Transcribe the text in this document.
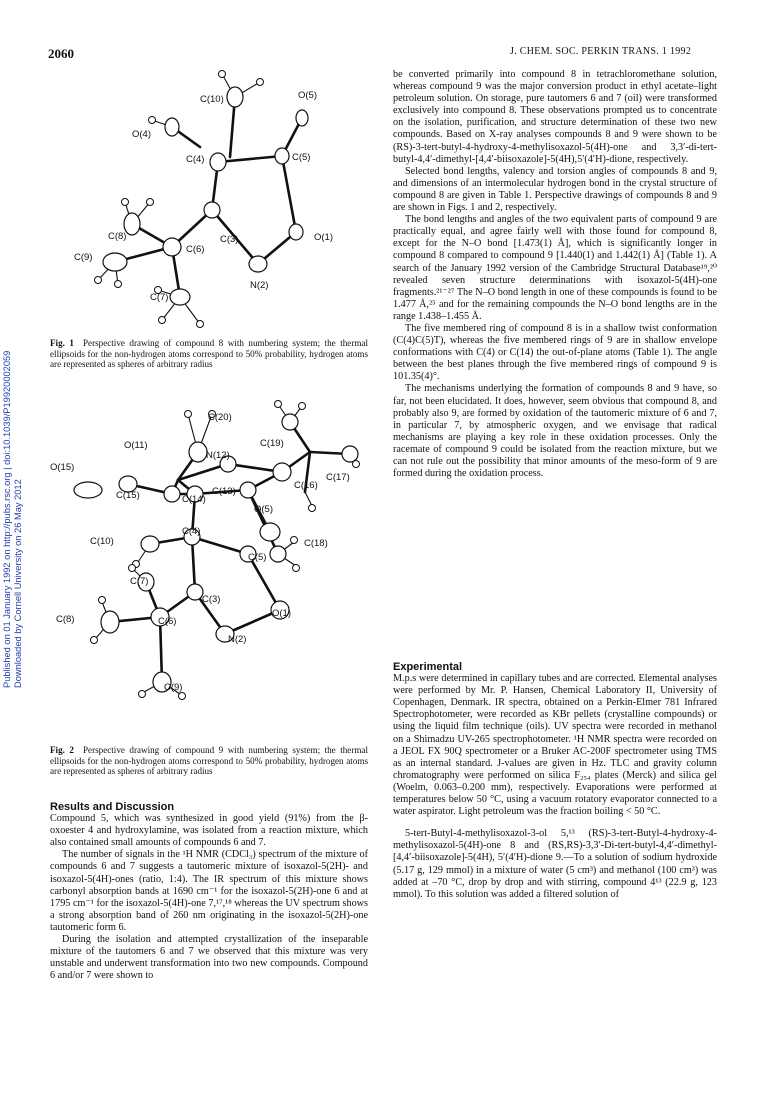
2060	J. CHEM. SOC. PERKIN TRANS. 1 1992
Published on 01 January 1992 on http://pubs.rsc.org | doi:10.1039/P19920002059 Downloaded by Cornell University on 26 May 2012
C(10)	O(5)
O(4)
C(4)	C(5)
C(8)	C(3)	O(1)
C(9)
C(6)
N(2)
C(7)
Fig. 1 Perspective drawing of compound 8 with numbering system; the thermal ellipsoids for the non-hydrogen atoms correspond to 50% probability, hydrogen atoms are represented as spheres of arbitrary radius
C(20)
C(19)
O(11)
N(12)
O(15)
C(17)
C(16)
C(13)
C(15)	C(14)
O(5)
C(18)
C(4)
C(10)
C(5)
C(7)
C(3)
O(1)
C(8)	C(6)
N(2)
C(9)
Fig. 2 Perspective drawing of compound 9 with numbering system; the thermal ellipsoids for the non-hydrogen atoms correspond to 50% probability, hydrogen atoms are represented as spheres of arbitrary radius
Results and Discussion

Compound 5, which was synthesized in good yield (91%) from the β-oxoester 4 and hydroxylamine, was isolated from a reaction mixture, which also contained small amounts of compounds 6 and 7.

The number of signals in the ¹H NMR (CDCl₃) spectrum of the mixture of compounds 6 and 7 suggests a tautomeric mixture of isoxazol-5(2H)- and isoxazol-5(4H)-ones (ratio, 1:4). The IR spectrum of this mixture shows carbonyl absorption bands at 1690 cm⁻¹ for the isoxazol-5(2H)-one 6 and at 1795 cm⁻¹ for the isoxazol-5(4H)-one 7,¹⁷,¹⁸ whereas the UV spectrum shows a strong absorption band of 260 nm originating in the isoxazol-5(2H)-one tautomeric form 6.

During the isolation and attempted crystallization of the inseparable mixture of the tautomers 6 and 7 we observed that this mixture was very unstable and underwent transformation into two new compounds. Compound 6 and/or 7 were shown to

be converted primarily into compound 8 in tetrachloromethane solution, whereas compound 9 was the major conversion product in ethyl acetate–light petroleum solution. On storage, pure tautomers 6 and 7 (oil) were transformed exclusively into compound 8. These observations prompted us to concentrate on the isolation, purification, and structure determination of these two new compounds. Based on X-ray analyses compounds 8 and 9 were shown to be (RS)-3-tert-butyl-4-hydroxy-4-methylisoxazol-5(4H)-one and 3,3′-di-tert-butyl-4,4′-dimethyl-[4,4′-biisoxazole]-5(4H),5′(4′H)-dione, respectively.

Selected bond lengths, valency and torsion angles of compounds 8 and 9, and dimensions of an intermolecular hydrogen bond in the crystal structure of compound 8 are given in Table 1. Perspective drawings of compounds 8 and 9 are shown in Figs. 1 and 2, respectively.

The bond lengths and angles of the two equivalent parts of compound 9 are practically equal, and agree fairly well with those found for compound 8, except for the N–O bond [1.473(1) Å], which is significantly longer in compound 8 compared to compound 9 [1.440(1) and 1.442(1) Å] (Table 1). A search of the January 1992 version of the Cambridge Structural Database¹⁹,²⁰ revealed seven structure determinations with isoxazol-5(4H)-one fragments.²¹⁻²⁷ The N–O bond length in one of these compounds is found to be 1.477 Å,²⁵ and for the remaining compounds the N–O bond lengths are in the range 1.438–1.455 Å.

The five membered ring of compound 8 is in a shallow twist conformation (C(4)C(5)T), whereas the five membered rings of 9 are in shallow envelope conformations with C(4) or C(14) the out-of-plane atoms (Table 1). The angle between the best planes through the five membered rings of compound 9 is 101.35(4)°.

The mechanisms underlying the formation of compounds 8 and 9 have, so far, not been elucidated. It does, however, seem obvious that compound 8, and probably also 9, are formed by oxidation of the tautomeric mixture of 6 and 7, in particular 7, by atmospheric oxygen, and we envisage that radical mechanisms are playing a key role in these oxidation processes. Only the racemate of compound 9 could be isolated from the reaction mixture, but we can not rule out the possibility that minor amounts of the meso-form of 9 are formed during the oxidation process.

Experimental

M.p.s were determined in capillary tubes and are corrected. Elemental analyses were performed by Mr. P. Hansen, Chemical Laboratory II, University of Copenhagen, Denmark. IR spectra, obtained on a Perkin-Elmer 781 Infrared Spectrophotometer, were recorded as KBr pellets (crystalline compounds) or using the liquid film technique (oils). UV spectra were recorded in methanol on a Shimadzu UV-265 spectrophotometer. ¹H NMR spectra were recorded on a JEOL FX 90Q spectrometer or a Bruker AC-200F spectrometer using TMS as an internal standard. J-values are given in Hz. TLC and gravity column chromatography were performed on silica F₂₅₄ plates (Merck) and silica gel (Woelm, 0.063–0.200 mm), respectively. Evaporations were performed at temperatures below 50 °C, using a vacuum rotatory evaporator connected to a water aspirator. Light petroleum was the fraction boiling < 50 °C.

5-tert-Butyl-4-methylisoxazol-3-ol 5,¹³ (RS)-3-tert-Butyl-4-hydroxy-4-methylisoxazol-5(4H)-one 8 and (RS,RS)-3,3′-Di-tert-butyl-4,4′-dimethyl-[4,4′-biisoxazole]-5(4H), 5′(4′H)-dione 9.—To a solution of sodium hydroxide (5.17 g, 129 mmol) in a mixture of water (5 cm³) and methanol (100 cm³) was added at –70 °C, drop by drop and with stirring, compound 4¹³ (22.9 g, 123 mmol). To this solution was added a filtered solution of
